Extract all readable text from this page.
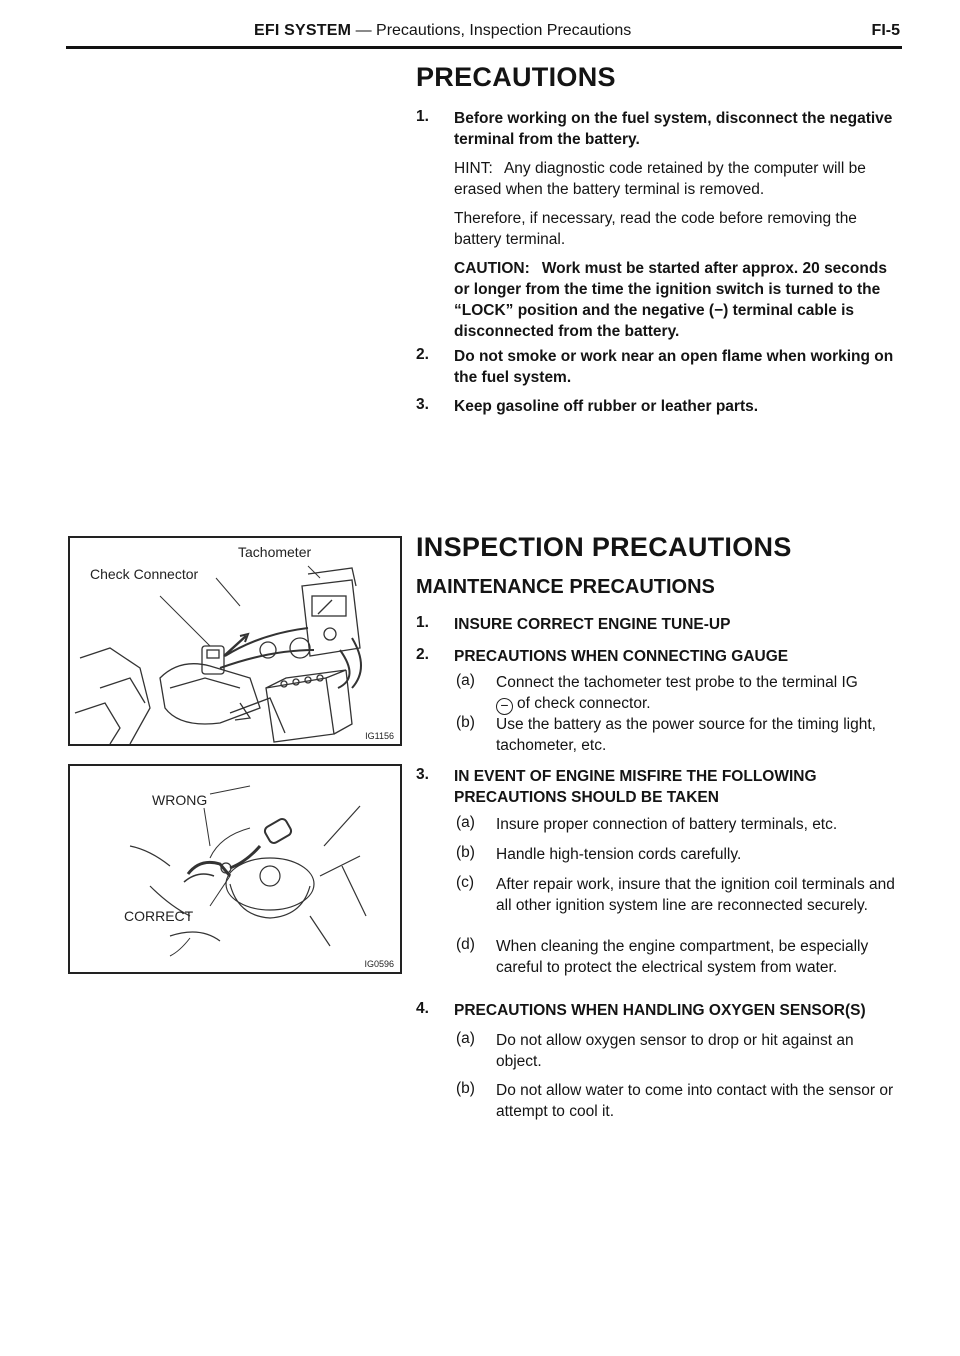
EFI SYSTEM — Precautions, Inspection Precautions	FI-5
PRECAUTIONS
1. Before working on the fuel system, disconnect the negative terminal from the battery.
HINT:  Any diagnostic code retained by the computer will be erased when the battery terminal is removed.
Therefore, if necessary, read the code before removing the battery terminal.
CAUTION:  Work must be started after approx. 20 seconds or longer from the time the ignition switch is turned to the “LOCK” position and the negative (−) terminal cable is disconnected from the battery.
2. Do not smoke or work near an open flame when working on the fuel system.
3. Keep gasoline off rubber or leather parts.
INSPECTION PRECAUTIONS
MAINTENANCE PRECAUTIONS
1. INSURE CORRECT ENGINE TUNE-UP
2. PRECAUTIONS WHEN CONNECTING GAUGE
(a) Connect the tachometer test probe to the terminal IG
− of check connector.
(b) Use the battery as the power source for the timing light, tachometer, etc.
3. IN EVENT OF ENGINE MISFIRE THE FOLLOWING PRECAUTIONS SHOULD BE TAKEN
(a) Insure proper connection of battery terminals, etc.
(b) Handle high-tension cords carefully.
(c) After repair work, insure that the ignition coil terminals and all other ignition system line are reconnected securely.
(d) When cleaning the engine compartment, be especially careful to protect the electrical system from water.
4. PRECAUTIONS WHEN HANDLING OXYGEN SENSOR(S)
(a) Do not allow oxygen sensor to drop or hit against an object.
(b) Do not allow water to come into contact with the sensor or attempt to cool it.
Tachometer
Check Connector
IG1156
WRONG
CORRECT
IG0596
